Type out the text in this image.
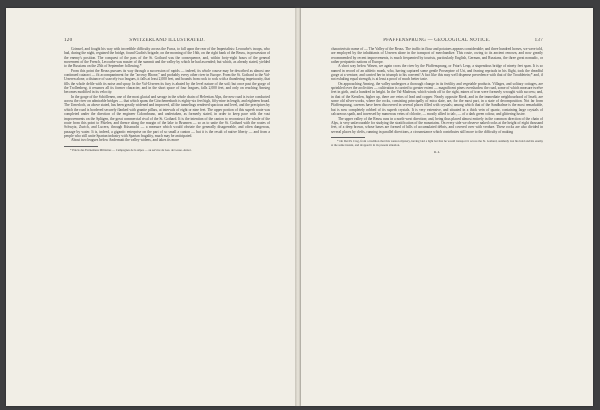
120	SWITZERLAND ILLUSTRATED.

Grimsel, and fought his way with incredible difficulty across the Furca, to fall upon the rear of the Imperialists: Lecourbe's troops, who had, during the night, regained the bridge, found Gudin's brigade, on the morning of the 16th, on the right bank of the Reuss, in possession of the enemy's position. The conquest of the pass of the St. Gothard was the consequence, and, within forty-eight hours of the general movement of the French, Lecourbe was master of the summit and the valley by which he had ascended; but which, as already stated, yielded to the Russians on the 25th of September following.*

From this point the Reuss pursues its way through a succession of rapids — indeed, its whole course may be described as almost one continued cataract — fit accompaniment for the "arrowy Rhone," and probably every other river in Europe. From the St. Gothard to the Val-Urseren alone, a distance of scarcely two leagues, it falls at least 2,000 feet, and bounds from rock to rock with a thundering impetuosity, that fills the whole defile with its noise and spray. In the Val-Urseren its fury is abated by the level nature of the soil; but once past the gorge of the Trollenberg, it resumes all its former character, and in the short space of four leagues, falls 2,000 feet, and only on reaching Amsteg becomes modified in its velocity.

In the gorge of the Schöllenen, one of the most glacial and savage in the whole chain of Helvetian Alps, the new road is twice conducted across the river on admirable bridges — that which spans the Göschenenbach is eighty-six feet high, fifty-nine in length, and eighteen broad. The Urnerloch, as above stated, has been greatly widened and improved, all the tunnelings rendered spacious and level, and the precipices by which the road is bordered securely flanked with granite pillars, at intervals of eight or nine feet. The upper portion of this superb route was completed under the direction of the engineer Colombrano, and undertaken, as formerly stated, in order to keep pace with the vast improvements on the Splügen, the great commercial rival of the St. Gothard. It is the intention of the canton to reconstruct the whole of the route from this point to Flüelen, and thence along the margin of the lake to Brunnen — so as to unite the St. Gothard with the routes of Schwytz, Zurich, and Lucern, through Küssnacht — a measure which would obviate the generally disagreeable, and often dangerous, passage by water. It is, indeed, a gigantic enterprise on the part of so small a canton — but it is the result of native liberty — and from a people who still unite Spartan industry with Spartan frugality, much may be anticipated.

About two leagues below Andermatt the valley widens, and takes its more

* Précis des Evénemens Militaires — Campagnes de la Alpes — au service de Ges. de Gosse. Annot.

PFAFFENSPRUNG — GEOLOGICAL NOTICE.	137

characteristic name of — The Valley of the Reuss. The traffic in flour and potatoes appears considerable; and three hundred horses, we were told, are employed by the inhabitants of Urseren alone in the transport of merchandize. This route, owing to its ancient renown, and now greatly recommended by recent improvements, is much frequented by tourists, particularly English, German, and Russians, the three great nomadic, or rather peripatetic nations of Europe.

A short way below Wasen, we again cross the river by the Pfaffensprung, or Friar's Leap, a stupendous bridge of ninety feet span. It is so named in record of an athletic monk, who, having captured some gentle Proserpine of Uri, and fearing reprisals in his flight, took the dreadful gorge at a venture, and carried her in triumph to his convent! A fact like this may well dispense precedence with that of the Troubletein;* and, if not exhaling equal strength, is at least a proof of much better taste.

On approaching Amsteg, the valley undergoes a thorough change in its fertility and vegetable products. Villages, and solitary cottages, are sprinkled over the acclivities — cultivation is carried to greater extent — magnificent pines overshadow the road, some of which measure twelve feet in girth, and a hundred in height. In the Val-Maderan, which winds off to the right, mines of iron were formerly wrought with success; and, in that of the Kerstlen, higher up, there are veins of lead and copper. Nearly opposite Riedt, and in the immediate neighbourhood of Inseli, are some old silver-works, where the rocks, consisting principally of mica slate, are, for the most part, in a state of decomposition. Not far from Pfaffensprung, caverns have been discovered in several places filled with crystals; among which that of the Sandbalme is the most remarkable, but is now completely robbed of its superb crystals. It is very extensive, and situated in a thick vein of quartz, containing large crystals of calcareous spath, and traversed by numerous veins of chlorite, — mostly allied to talc, — of a dark green colour, and glittering lustre.

The upper valley of the Reuss runs in a north-west direction; and, being thus placed almost entirely in the common direction of the chain of Alps, is very unfavourable for studying the stratification of the mountains. On every side we observe naked rocks at the height of eight thousand feet, of a deep brown, whose bases are formed of hills of accumulated débris, and covered over with verdure. These rocks are also divided in several places by clefts, running in parallel directions, a circumstance which contributes still more to the difficulty of making

* On Devil's Crag, from a tradition that this wanton mystery, having laid a light bet that he would transport it across the St. Gothard, suddenly lost his hold and his enemy at the same instant, and dropped it in its present situation.

R. 4.
